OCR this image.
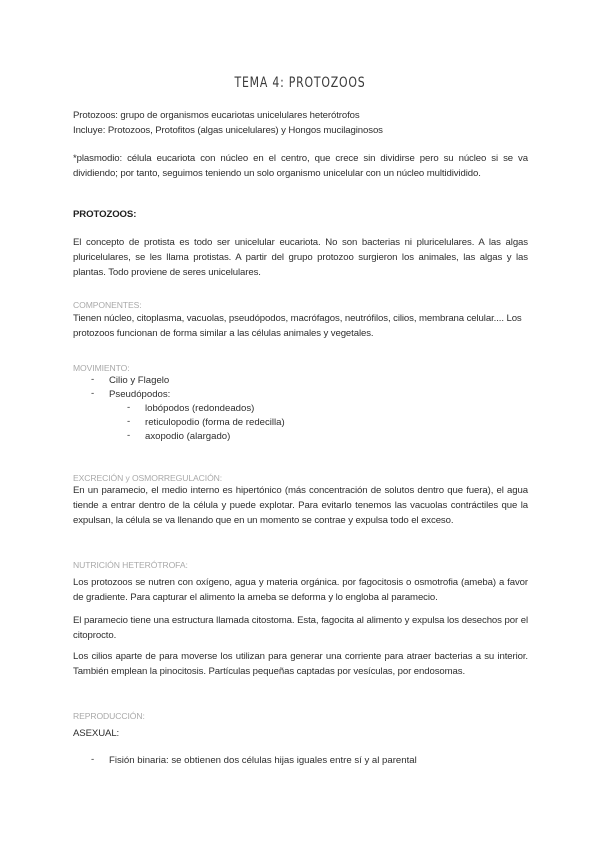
TEMA 4: PROTOZOOS
Protozoos: grupo de organismos eucariotas unicelulares heterótrofos
Incluye: Protozoos, Protofitos (algas unicelulares) y Hongos mucilaginosos
*plasmodio: célula eucariota con núcleo en el centro, que crece sin dividirse pero su núcleo si se va dividiendo; por tanto, seguimos teniendo un solo organismo unicelular con un núcleo multidividido.
PROTOZOOS:
El concepto de protista es todo ser unicelular eucariota. No son bacterias ni pluricelulares. A las algas pluricelulares, se les llama protistas. A partir del grupo protozoo surgieron los animales, las algas y las plantas. Todo proviene de seres unicelulares.
COMPONENTES:
Tienen núcleo, citoplasma, vacuolas, pseudópodos, macrófagos, neutrófilos, cilios, membrana celular.... Los protozoos funcionan de forma similar a las células animales y vegetales.
MOVIMIENTO:
- Cilio y Flagelo
- Pseudópodos:
- lobópodos (redondeados)
- reticulopodio (forma de redecilla)
- axopodio (alargado)
EXCRECIÓN y OSMORREGULACIÓN:
En un paramecio, el medio interno es hipertónico (más concentración de solutos dentro que fuera), el agua tiende a entrar dentro de la célula y puede explotar. Para evitarlo tenemos las vacuolas contráctiles que la expulsan, la célula se va llenando que en un momento se contrae y expulsa todo el exceso.
NUTRICIÓN HETERÓTROFA:
Los protozoos se nutren con oxígeno, agua y materia orgánica. por fagocitosis o osmotrofia (ameba) a favor de gradiente. Para capturar el alimento la ameba se deforma y lo engloba al paramecio.
El paramecio tiene una estructura llamada citostoma. Esta, fagocita al alimento y expulsa los desechos por el citoprocto.
Los cilios aparte de para moverse los utilizan para generar una corriente para atraer bacterias a su interior. También emplean la pinocitosis. Partículas pequeñas captadas por vesículas, por endosomas.
REPRODUCCIÓN:
ASEXUAL:
- Fisión binaria: se obtienen dos células hijas iguales entre sí y al parental
